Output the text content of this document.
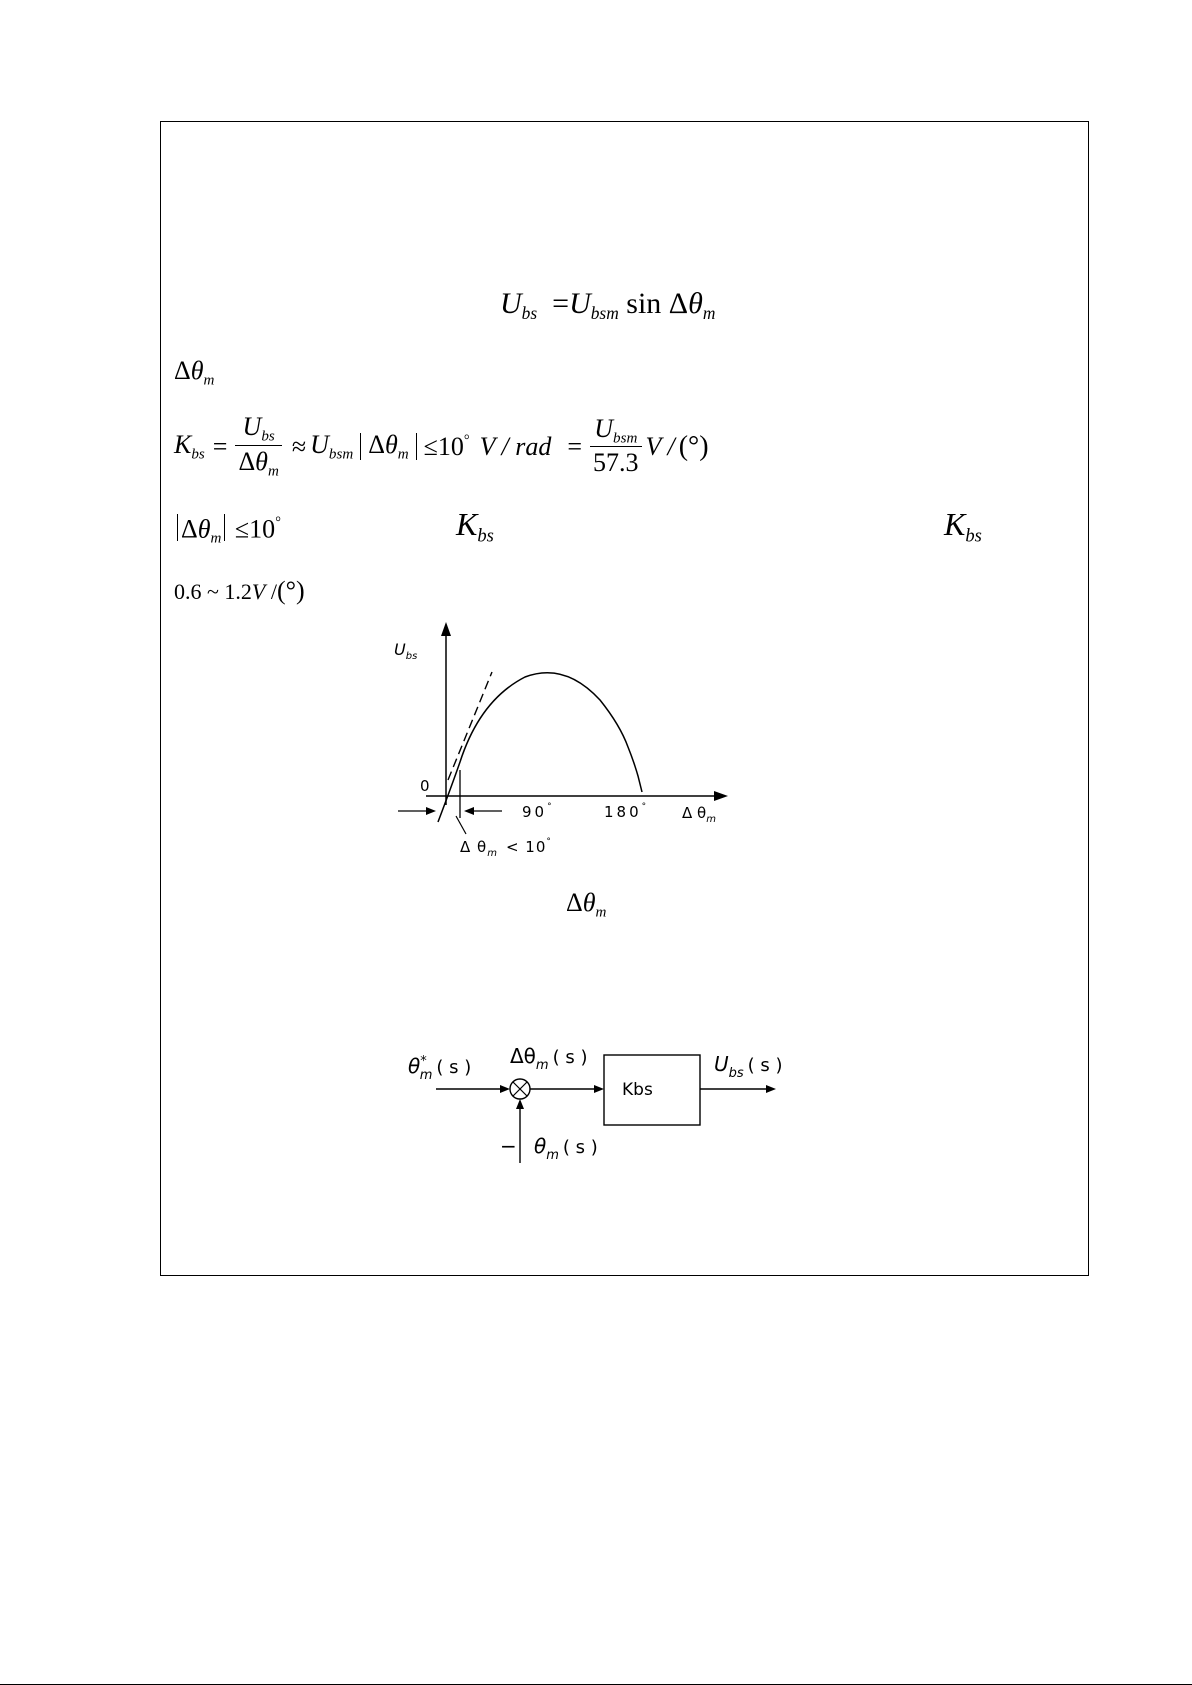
$U_{bs} =U_{bsm}$ $\sin \Delta\theta_m$
$\Delta\theta_m$
$K_{bs} = \frac{U_{bs}}{\Delta\theta_m} \approx U_{bsm}$ $\Delta\theta_m \le 10^\circ$ V / rad = $\frac{U_{bsm}}{57.3}$ V / (°)
$\Delta\theta_m \le 10^\circ$	$K_{bs}$	$K_{bs}$
0.6 ~ 1.2V /(°)
$U_{bs}$
0
90°	180° Δ $\theta_m$
Δ $\theta_m < 10^\circ$
$\Delta\theta_m$
Kbs
θ* m ( s ) $\Delta\theta_m$ ( s )	$U_{bs}$ ( s )
− $\theta_m$ ( s )
